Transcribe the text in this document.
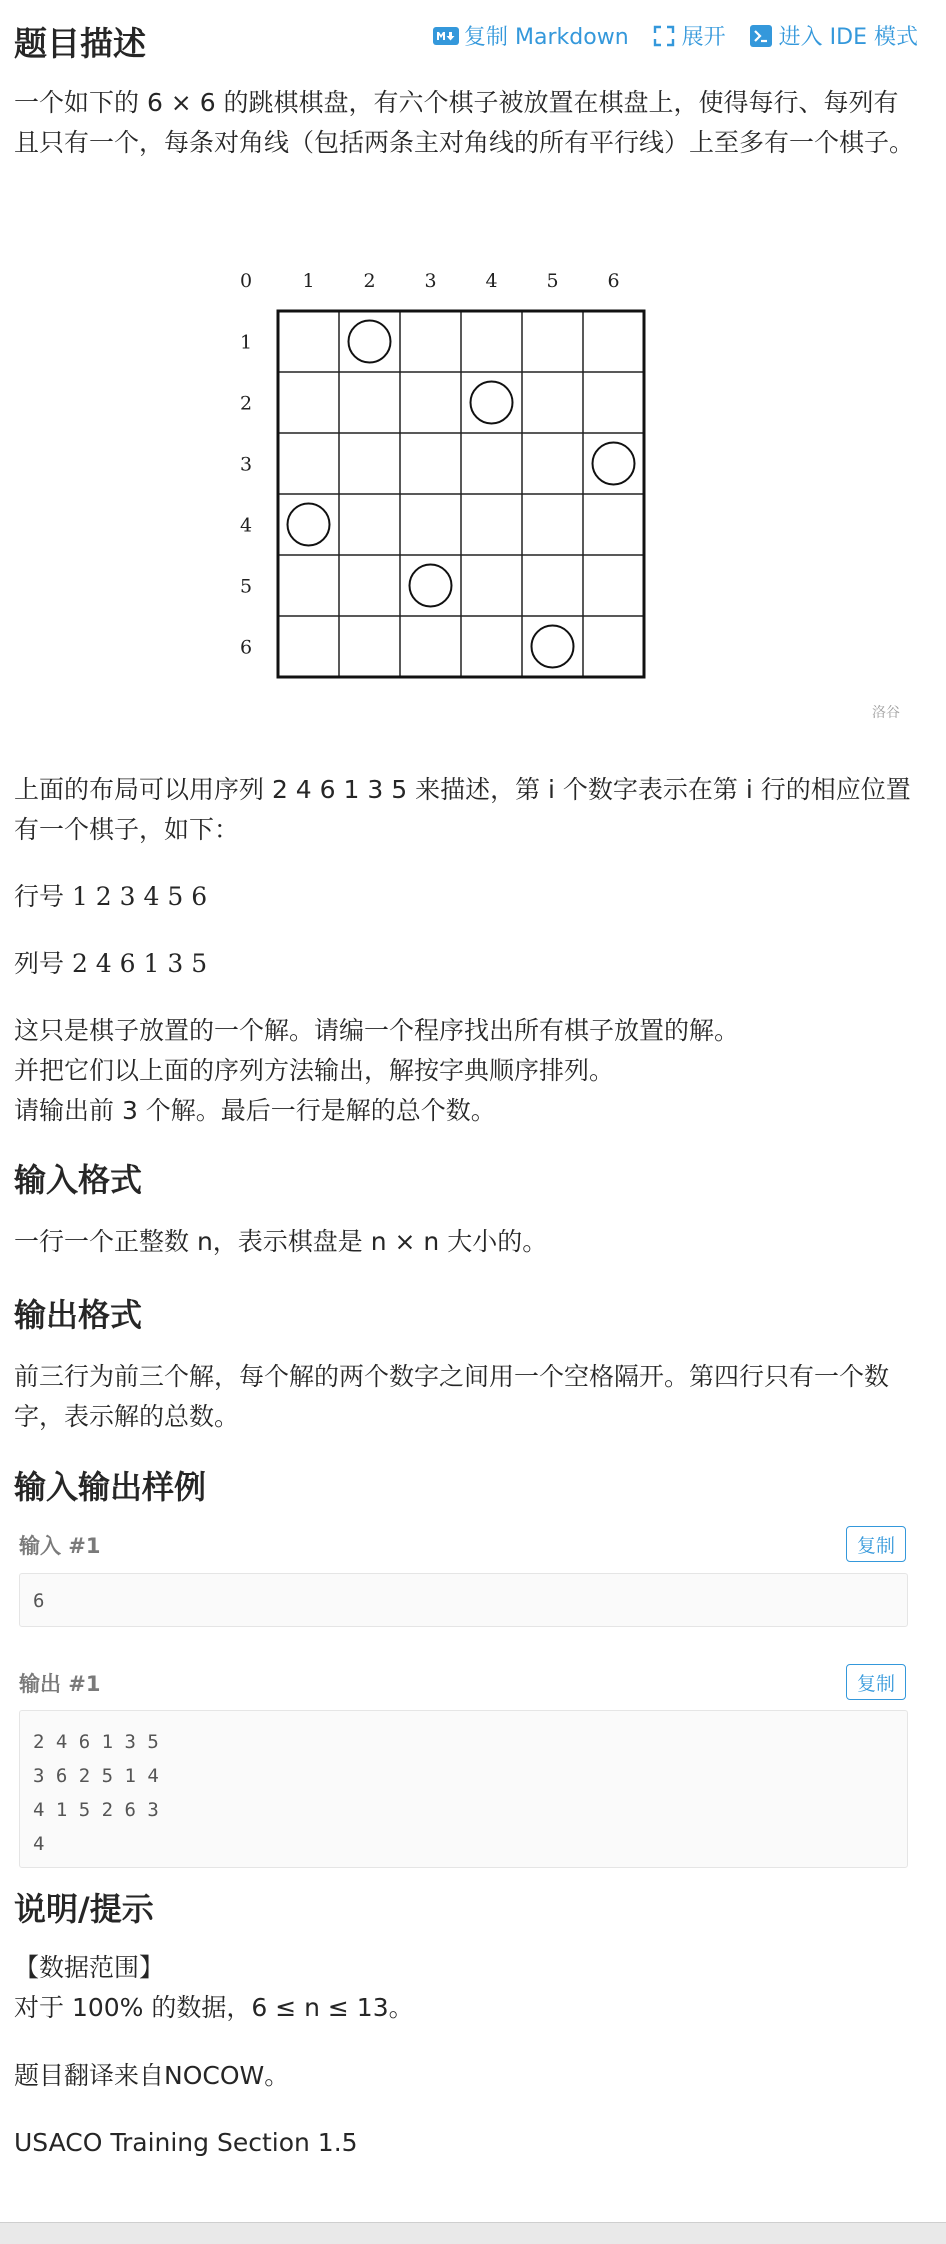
题目描述	复制 Markdown 展开 进入 IDE 模式
一个如下的 6 × 6 的跳棋棋盘，有六个棋子被放置在棋盘上，使得每行、每列有且只有一个，每条对角线（包括两条主对角线的所有平行线）上至多有一个棋子。
0	1	2	3	4	5	6
1
2
3
4
5
6
洛谷
上面的布局可以用序列 2 4 6 1 3 5 来描述，第 i 个数字表示在第 i 行的相应位置有一个棋子，如下：
行号 1 2 3 4 5 6
列号 2 4 6 1 3 5
这只是棋子放置的一个解。请编一个程序找出所有棋子放置的解。
并把它们以上面的序列方法输出，解按字典顺序排列。
请输出前 3 个解。最后一行是解的总个数。
输入格式
一行一个正整数 n，表示棋盘是 n × n 大小的。
输出格式
前三行为前三个解，每个解的两个数字之间用一个空格隔开。第四行只有一个数字，表示解的总数。
输入输出样例
输入 #1	复制
6
输出 #1	复制
2 4 6 1 3 5
3 6 2 5 1 4
4 1 5 2 6 3
4
说明/提示
【数据范围】
对于 100% 的数据，6 ≤ n ≤ 13。
题目翻译来自NOCOW。
USACO Training Section 1.5
